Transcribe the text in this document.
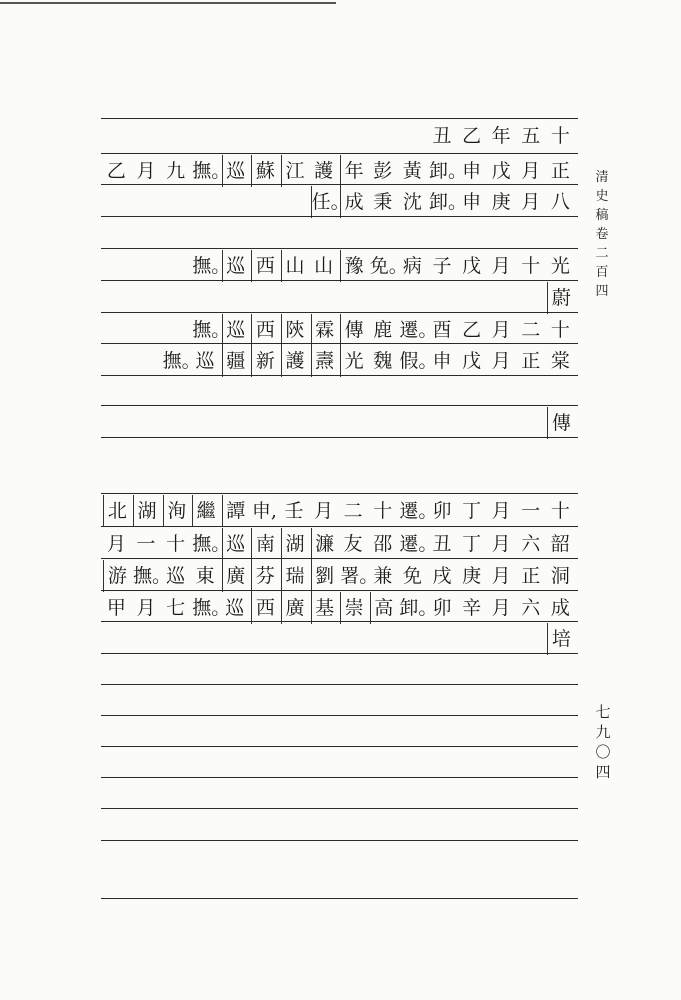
十
五
年
乙
丑
正
月
戊
申
卸。
黃
彭
年
護
江
蘇
巡
撫。
九
月
乙
八
月
庚
申
卸。
沈
秉
成
任。
光
十
月
戊
子
病
免。
豫
山
山
西
巡
撫。
蔚
十
二
月
乙
酉
遷。
鹿
傳
霖
陝
西
巡
撫。
棠
正
月
戊
申
假。
魏
光
燾
護
新
疆
巡
撫。
傳
十
一
月
丁
卯
遷。
十
二
月
壬
申,
譚
繼
洵
湖
北
韶
六
月
丁
丑
遷。
邵
友
濂
湖
南
巡
撫。
十
一
月
洞
正
月
庚
戌
免
兼
署。
劉
瑞
芬
廣
東
巡
撫。
游
成
六
月
辛
卯
卸。
高
崇
基
廣
西
巡
撫。
七
月
甲
培
清
史
稿
卷
二
百
四
七
九
〇
四
